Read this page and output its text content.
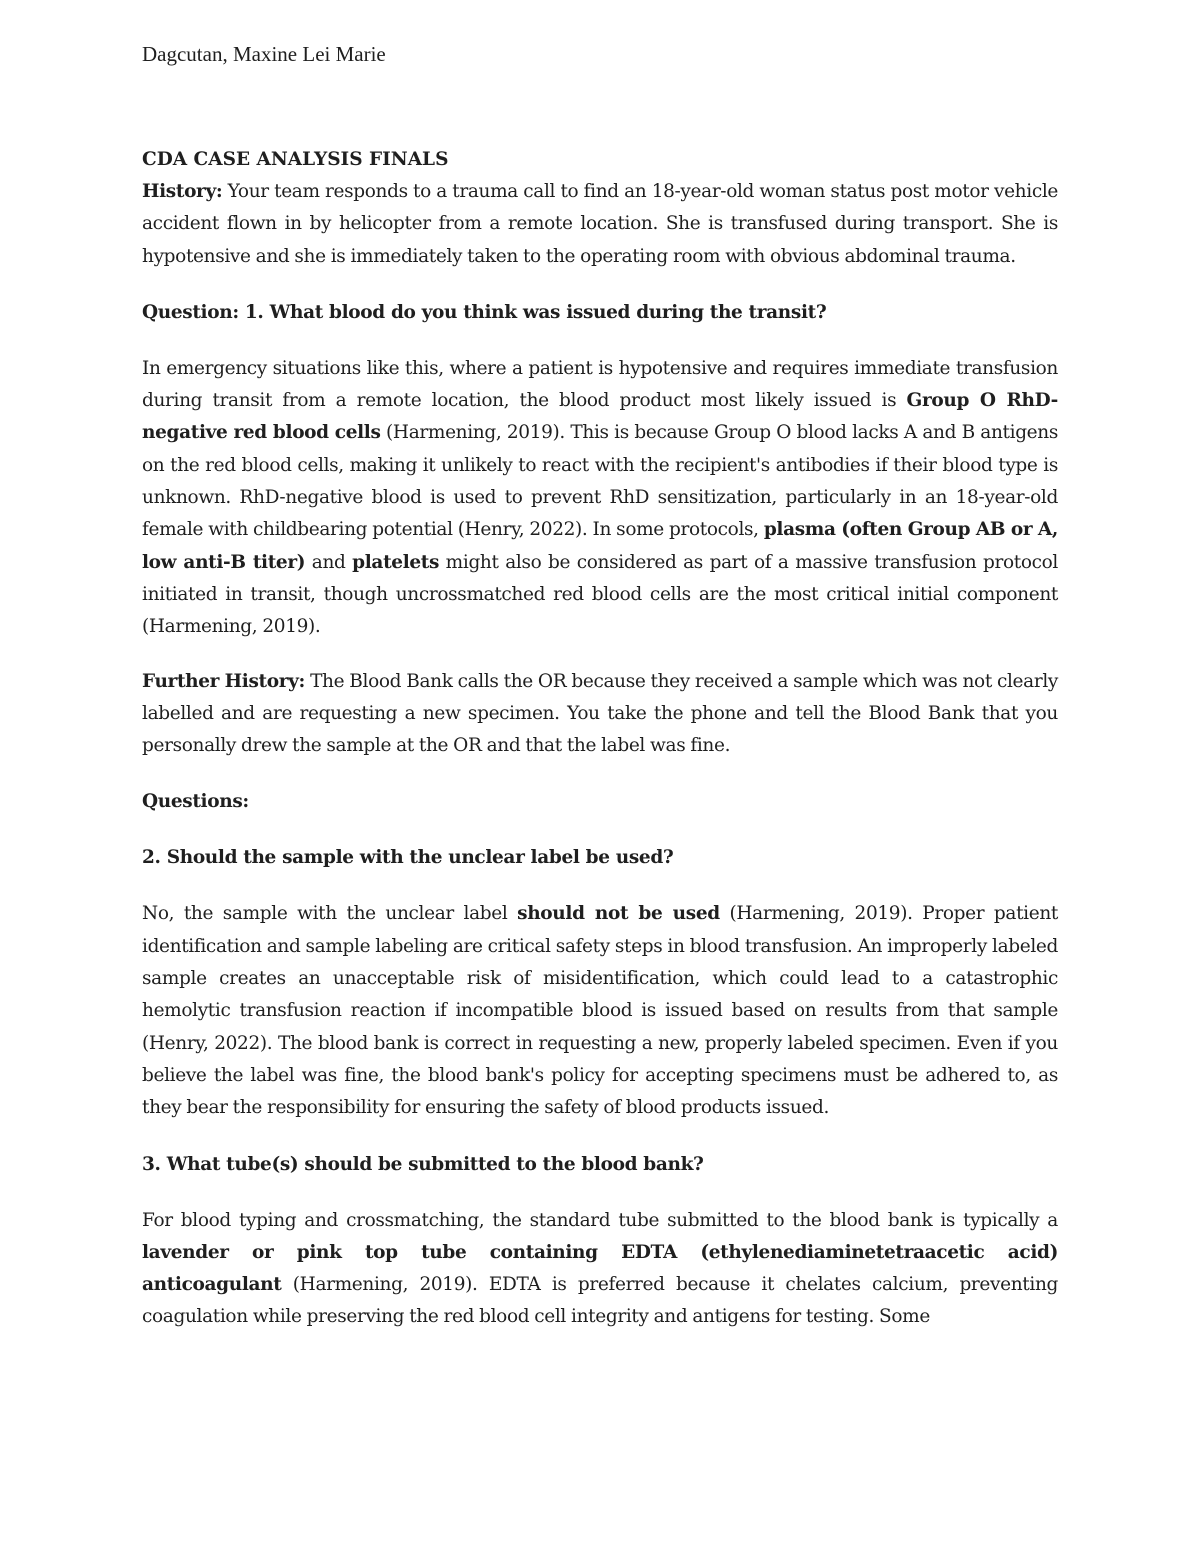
Dagcutan, Maxine Lei Marie
CDA CASE ANALYSIS FINALS

History: Your team responds to a trauma call to find an 18-year-old woman status post motor vehicle accident flown in by helicopter from a remote location. She is transfused during transport. She is hypotensive and she is immediately taken to the operating room with obvious abdominal trauma.

Question: 1. What blood do you think was issued during the transit?

In emergency situations like this, where a patient is hypotensive and requires immediate transfusion during transit from a remote location, the blood product most likely issued is Group O RhD-negative red blood cells (Harmening, 2019). This is because Group O blood lacks A and B antigens on the red blood cells, making it unlikely to react with the recipient's antibodies if their blood type is unknown. RhD-negative blood is used to prevent RhD sensitization, particularly in an 18-year-old female with childbearing potential (Henry, 2022). In some protocols, plasma (often Group AB or A, low anti-B titer) and platelets might also be considered as part of a massive transfusion protocol initiated in transit, though uncrossmatched red blood cells are the most critical initial component (Harmening, 2019).

Further History: The Blood Bank calls the OR because they received a sample which was not clearly labelled and are requesting a new specimen. You take the phone and tell the Blood Bank that you personally drew the sample at the OR and that the label was fine.

Questions:
2. Should the sample with the unclear label be used?

No, the sample with the unclear label should not be used (Harmening, 2019). Proper patient identification and sample labeling are critical safety steps in blood transfusion. An improperly labeled sample creates an unacceptable risk of misidentification, which could lead to a catastrophic hemolytic transfusion reaction if incompatible blood is issued based on results from that sample (Henry, 2022). The blood bank is correct in requesting a new, properly labeled specimen. Even if you believe the label was fine, the blood bank's policy for accepting specimens must be adhered to, as they bear the responsibility for ensuring the safety of blood products issued.

3. What tube(s) should be submitted to the blood bank?

For blood typing and crossmatching, the standard tube submitted to the blood bank is typically a lavender or pink top tube containing EDTA (ethylenediaminetetraacetic acid) anticoagulant (Harmening, 2019). EDTA is preferred because it chelates calcium, preventing coagulation while preserving the red blood cell integrity and antigens for testing. Some
